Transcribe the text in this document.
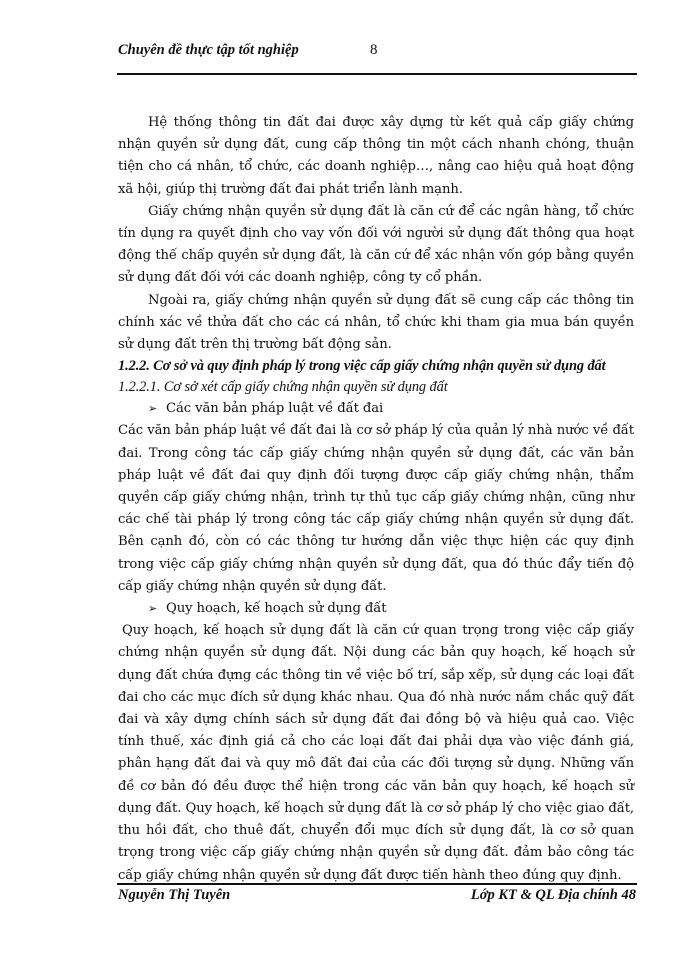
Chuyên đề thực tập tốt nghiệp	8

Hệ thống thông tin đất đai được xây dựng từ kết quả cấp giấy chứng nhận quyền sử dụng đất, cung cấp thông tin một cách nhanh chóng, thuận tiện cho cá nhân, tổ chức, các doanh nghiệp…, nâng cao hiệu quả hoạt động xã hội, giúp thị trường đất đai phát triển lành mạnh.

Giấy chứng nhận quyền sử dụng đất là căn cứ để các ngân hàng, tổ chức tín dụng ra quyết định cho vay vốn đối với người sử dụng đất thông qua hoạt động thế chấp quyền sử dụng đất, là căn cứ để xác nhận vốn góp bằng quyền sử dụng đất đối với các doanh nghiệp, công ty cổ phần.

Ngoài ra, giấy chứng nhận quyền sử dụng đất sẽ cung cấp các thông tin chính xác về thửa đất cho các cá nhân, tổ chức khi tham gia mua bán quyền sử dụng đất trên thị trường bất động sản.

1.2.2. Cơ sở và quy định pháp lý trong việc cấp giấy chứng nhận quyền sử dụng đất

1.2.2.1. Cơ sở xét cấp giấy chứng nhận quyền sử dụng đất

➢ Các văn bản pháp luật về đất đai

Các văn bản pháp luật về đất đai là cơ sở pháp lý của quản lý nhà nước về đất đai. Trong công tác cấp giấy chứng nhận quyền sử dụng đất, các văn bản pháp luật về đất đai quy định đối tượng được cấp giấy chứng nhận, thẩm quyền cấp giấy chứng nhận, trình tự thủ tục cấp giấy chứng nhận, cũng như các chế tài pháp lý trong công tác cấp giấy chứng nhận quyền sử dụng đất. Bên cạnh đó, còn có các thông tư hướng dẫn việc thực hiện các quy định trong việc cấp giấy chứng nhận quyền sử dụng đất, qua đó thúc đẩy tiến độ cấp giấy chứng nhận quyền sử dụng đất.

➢ Quy hoạch, kế hoạch sử dụng đất

Quy hoạch, kế hoạch sử dụng đất là căn cứ quan trọng trong việc cấp giấy chứng nhận quyền sử dụng đất. Nội dung các bản quy hoạch, kế hoạch sử dụng đất chứa đựng các thông tin về việc bố trí, sắp xếp, sử dụng các loại đất đai cho các mục đích sử dụng khác nhau. Qua đó nhà nước nắm chắc quỹ đất đai và xây dựng chính sách sử dụng đất đai đồng bộ và hiệu quả cao. Việc tính thuế, xác định giá cả cho các loại đất đai phải dựa vào việc đánh giá, phân hạng đất đai và quy mô đất đai của các đối tượng sử dụng. Những vấn đề cơ bản đó đều được thể hiện trong các văn bản quy hoạch, kế hoạch sử dụng đất. Quy hoạch, kế hoạch sử dụng đất là cơ sở pháp lý cho việc giao đất, thu hồi đất, cho thuê đất, chuyển đổi mục đích sử dụng đất, là cơ sở quan trọng trong việc cấp giấy chứng nhận quyền sử dụng đất. đảm bảo công tác cấp giấy chứng nhận quyền sử dụng đất được tiến hành theo đúng quy định.

Nguyễn Thị Tuyên	Lớp KT & QL Địa chính 48
